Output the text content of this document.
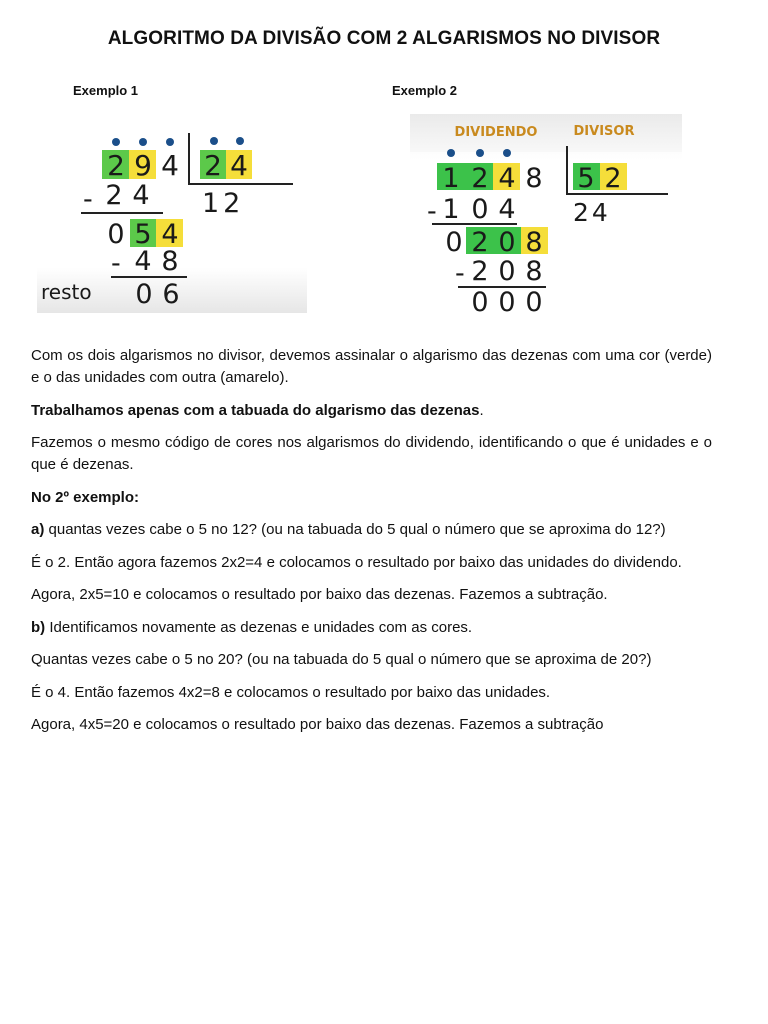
ALGORITMO DA DIVISÃO COM 2 ALGARISMOS NO DIVISOR
Exemplo 1	Exemplo 2
2 9 4 2 4
12
- 2 4
0 5 4
- 4 8
resto 0 6
DIVIDENDO	DIVISOR
1 2 4 8 5 2
24
- 1 0 4
0 2 0 8
- 2 0 8
0 0 0

Com os dois algarismos no divisor, devemos assinalar o algarismo das dezenas com uma cor (verde) e o das unidades com outra (amarelo).

Trabalhamos apenas com a tabuada do algarismo das dezenas.

Fazemos o mesmo código de cores nos algarismos do dividendo, identificando o que é unidades e o que é dezenas.

No 2º exemplo:

a) quantas vezes cabe o 5 no 12? (ou na tabuada do 5 qual o número que se aproxima do 12?)

É o 2. Então agora fazemos 2x2=4 e colocamos o resultado por baixo das unidades do dividendo.

Agora, 2x5=10 e colocamos o resultado por baixo das dezenas. Fazemos a subtração.

b) Identificamos novamente as dezenas e unidades com as cores.

Quantas vezes cabe o 5 no 20? (ou na tabuada do 5 qual o número que se aproxima de 20?)

É o 4. Então fazemos 4x2=8 e colocamos o resultado por baixo das unidades.

Agora, 4x5=20 e colocamos o resultado por baixo das dezenas. Fazemos a subtração
